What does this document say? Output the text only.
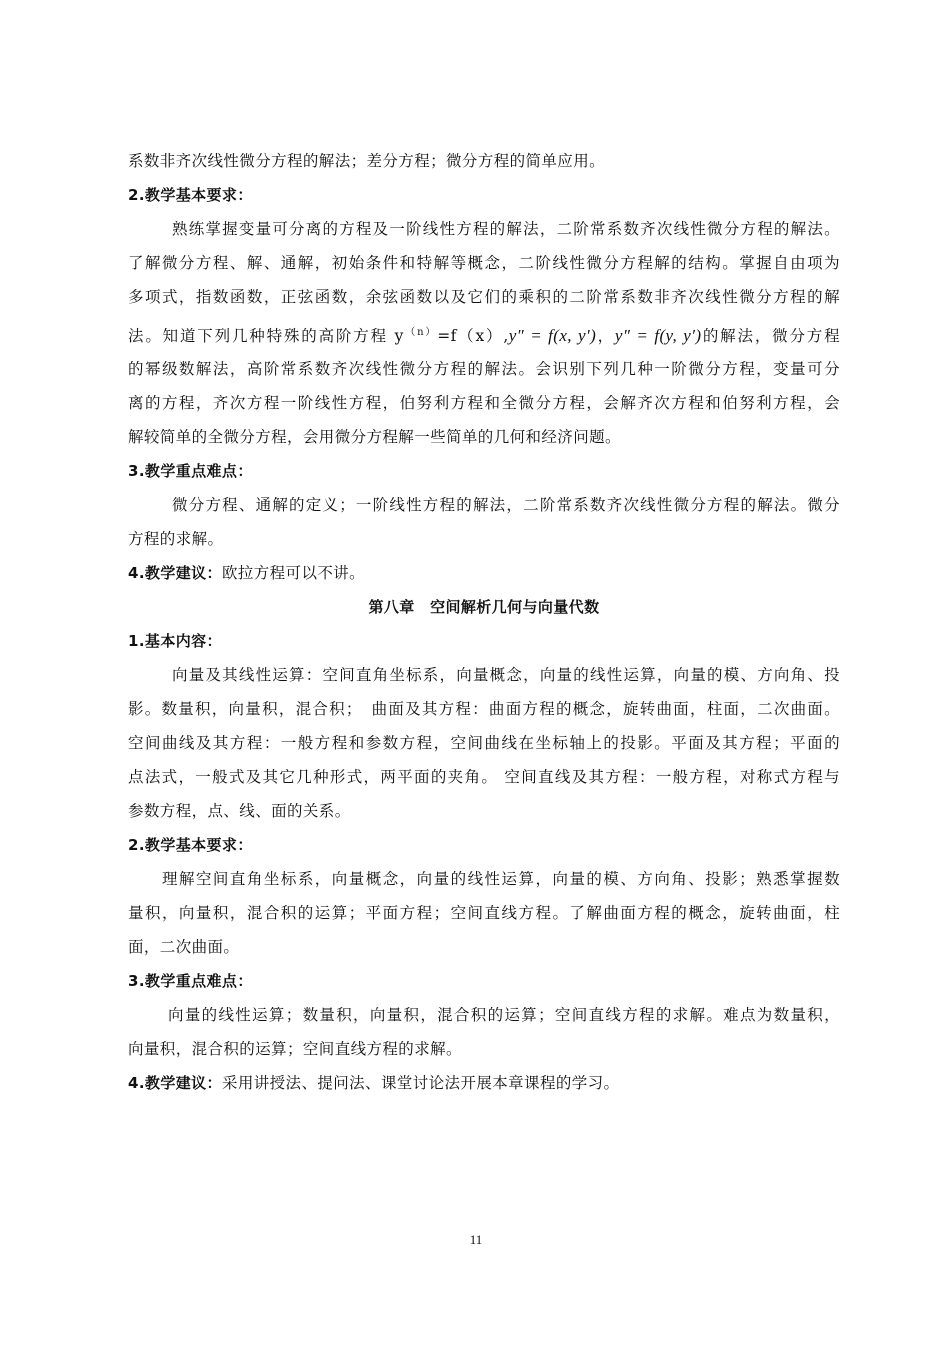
系数非齐次线性微分方程的解法；差分方程；微分方程的简单应用。
2.教学基本要求：
熟练掌握变量可分离的方程及一阶线性方程的解法，二阶常系数齐次线性微分方程的解法。
了解微分方程、解、通解，初始条件和特解等概念，二阶线性微分方程解的结构。掌握自由项为
多项式，指数函数，正弦函数，余弦函数以及它们的乘积的二阶常系数非齐次线性微分方程的解
法。知道下列几种特殊的高阶方程 $y^{(n)}=f(x),y'' = f(x$, y′)，y″ = f(y, y′)的解法，微分方程
的幂级数解法，高阶常系数齐次线性微分方程的解法。会识别下列几种一阶微分方程，变量可分
离的方程，齐次方程一阶线性方程，伯努利方程和全微分方程，会解齐次方程和伯努利方程，会
解较简单的全微分方程，会用微分方程解一些简单的几何和经济问题。
3.教学重点难点：
微分方程、通解的定义；一阶线性方程的解法，二阶常系数齐次线性微分方程的解法。微分
方程的求解。
4.教学建议：欧拉方程可以不讲。
第八章　空间解析几何与向量代数
1.基本内容：
向量及其线性运算：空间直角坐标系，向量概念，向量的线性运算，向量的模、方向角、投
影。数量积，向量积，混合积；　曲面及其方程：曲面方程的概念，旋转曲面，柱面，二次曲面。
空间曲线及其方程：一般方程和参数方程，空间曲线在坐标轴上的投影。平面及其方程；平面的
点法式，一般式及其它几种形式，两平面的夹角。 空间直线及其方程：一般方程，对称式方程与
参数方程，点、线、面的关系。
2.教学基本要求：
理解空间直角坐标系，向量概念，向量的线性运算，向量的模、方向角、投影；熟悉掌握数
量积，向量积，混合积的运算；平面方程；空间直线方程。了解曲面方程的概念，旋转曲面，柱
面，二次曲面。
3.教学重点难点：
向量的线性运算；数量积，向量积，混合积的运算；空间直线方程的求解。难点为数量积，
向量积，混合积的运算；空间直线方程的求解。
4.教学建议：采用讲授法、提问法、课堂讨论法开展本章课程的学习。
11
